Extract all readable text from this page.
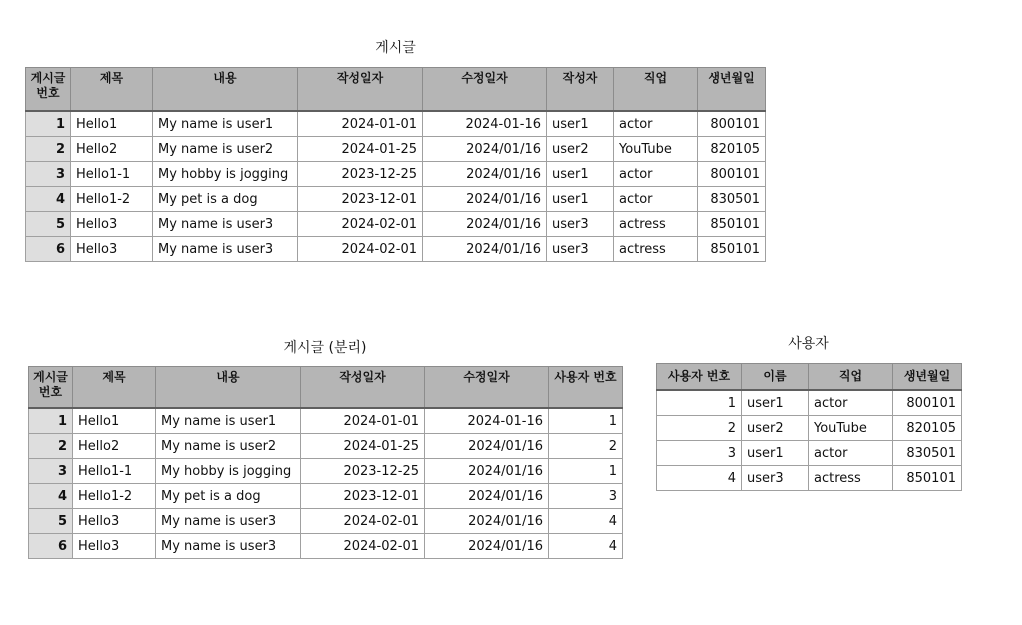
게시글
게시글
번호	제목	내용	작성일자	수정일자	작성자	직업	생년월일
1	Hello1	My name is user1	2024-01-01	2024-01-16	user1	actor	800101
2	Hello2	My name is user2	2024-01-25	2024/01/16	user2	YouTube	820105
3	Hello1-1	My hobby is jogging	2023-12-25	2024/01/16	user1	actor	800101
4	Hello1-2	My pet is a dog	2023-12-01	2024/01/16	user1	actor	830501
5	Hello3	My name is user3	2024-02-01	2024/01/16	user3	actress	850101
6	Hello3	My name is user3	2024-02-01	2024/01/16	user3	actress	850101
게시글 (분리)
게시글
번호	제목	내용	작성일자	수정일자	사용자 번호
1	Hello1	My name is user1	2024-01-01	2024-01-16	1
2	Hello2	My name is user2	2024-01-25	2024/01/16	2
3	Hello1-1	My hobby is jogging	2023-12-25	2024/01/16	1
4	Hello1-2	My pet is a dog	2023-12-01	2024/01/16	3
5	Hello3	My name is user3	2024-02-01	2024/01/16	4
6	Hello3	My name is user3	2024-02-01	2024/01/16	4
사용자
사용자 번호	이름	직업	생년월일
1	user1	actor	800101
2	user2	YouTube	820105
3	user1	actor	830501
4	user3	actress	850101
